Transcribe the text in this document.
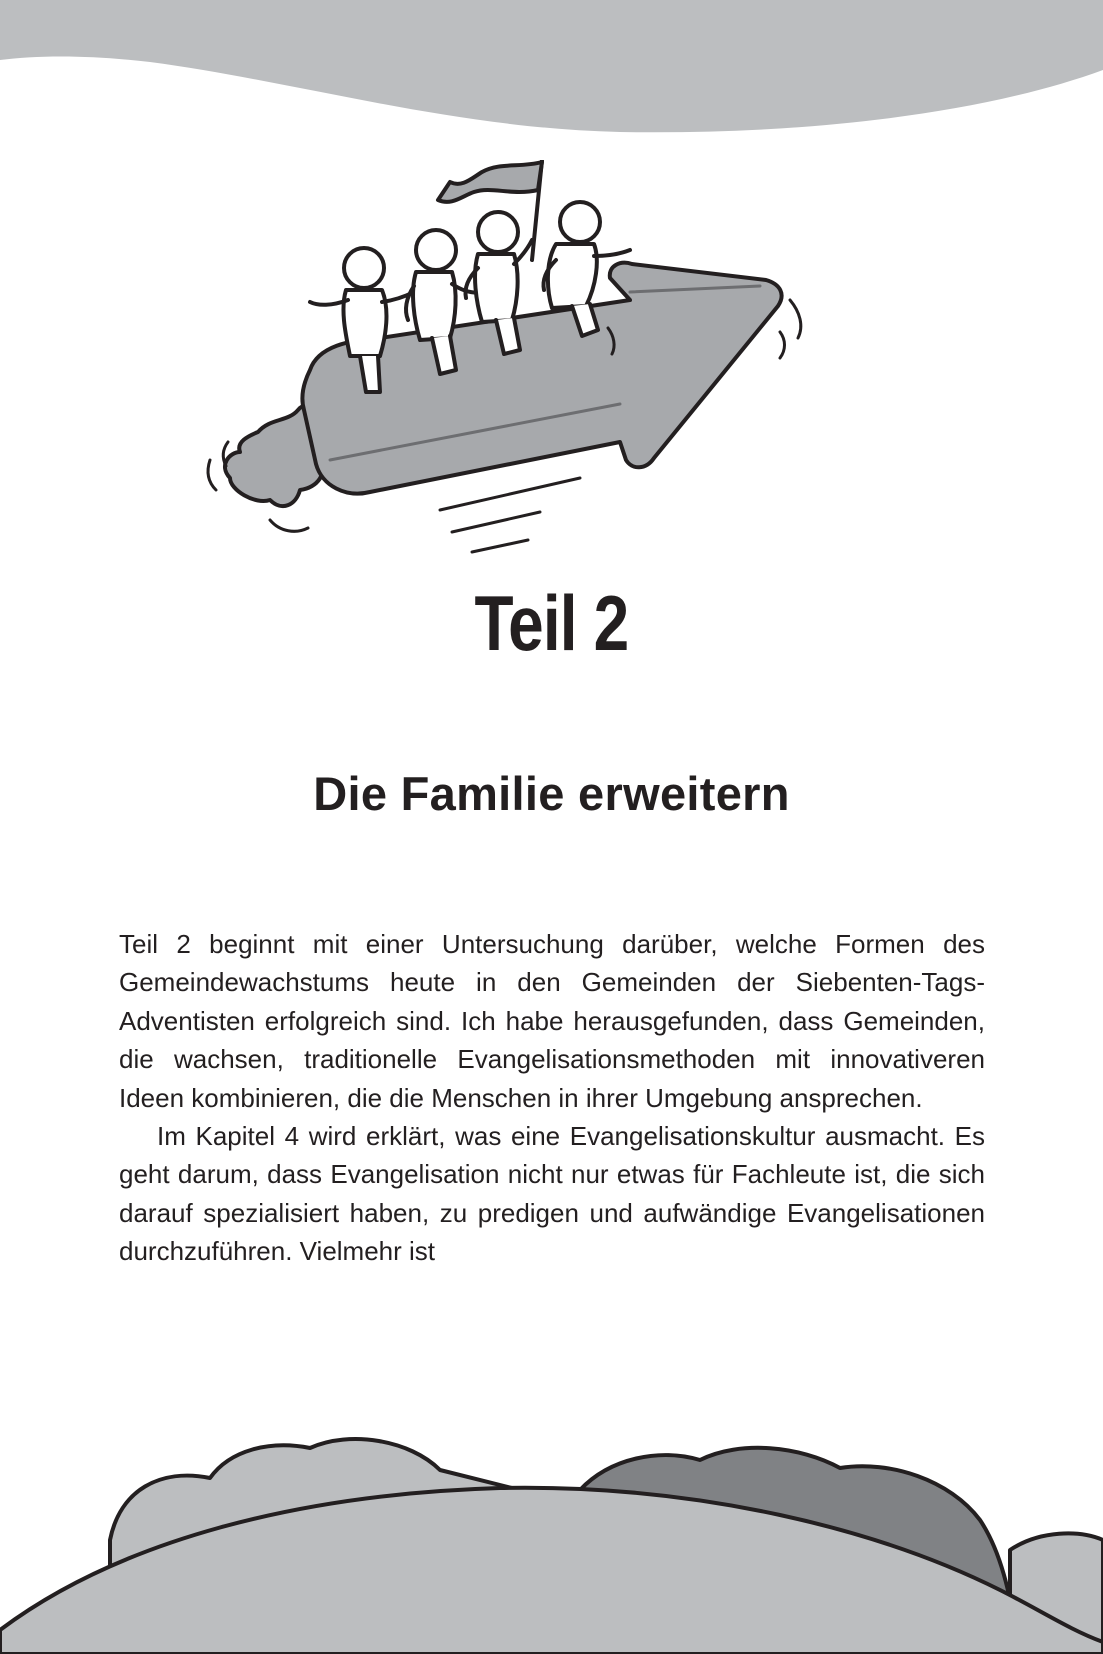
Teil 2
Die Familie erweitern

Teil 2 beginnt mit einer Untersuchung darüber, welche Formen des Gemeindewachstums heute in den Gemeinden der Siebenten-Tags-Adventisten erfolgreich sind. Ich habe herausgefunden, dass Gemeinden, die wachsen, traditionelle Evangelisationsmethoden mit innovativeren Ideen kombinieren, die die Menschen in ihrer Umgebung ansprechen.

Im Kapitel 4 wird erklärt, was eine Evangelisationskultur ausmacht. Es geht darum, dass Evangelisation nicht nur etwas für Fachleute ist, die sich darauf spezialisiert haben, zu predigen und aufwändige Evangelisationen durchzuführen. Vielmehr ist
